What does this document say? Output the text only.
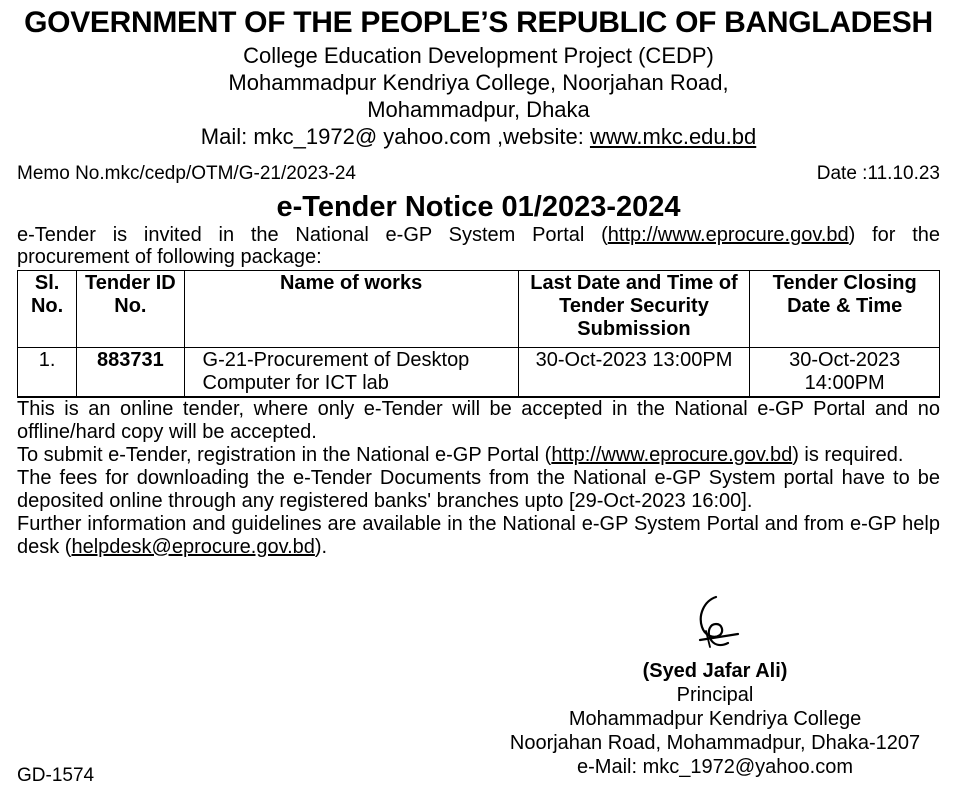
GOVERNMENT OF THE PEOPLE’S REPUBLIC OF BANGLADESH
College Education Development Project (CEDP)
Mohammadpur Kendriya College, Noorjahan Road,
Mohammadpur, Dhaka
Mail: mkc_1972@ yahoo.com ,website: www.mkc.edu.bd
Memo No.mkc/cedp/OTM/G-21/2023-24	Date :11.10.23
e-Tender Notice 01/2023-2024
e-Tender is invited in the National e-GP System Portal (http://www.eprocure.gov.bd) for the
procurement of following package:
Sl. No.	Tender ID No.	Name of works	Last Date and Time of Tender Security Submission	Tender Closing Date & Time
1.	883731	G-21-Procurement of Desktop Computer for ICT lab	30-Oct-2023 13:00PM	30-Oct-2023 14:00PM

This is an online tender, where only e-Tender will be accepted in the National e-GP Portal and no offline/hard copy will be accepted.

To submit e-Tender, registration in the National e-GP Portal (http://www.eprocure.gov.bd) is required.

The fees for downloading the e-Tender Documents from the National e-GP System portal have to be deposited online through any registered banks' branches upto [29-Oct-2023 16:00].

Further information and guidelines are available in the National e-GP System Portal and from e-GP help desk (helpdesk@eprocure.gov.bd).

(Syed Jafar Ali)
Principal
Mohammadpur Kendriya College
Noorjahan Road, Mohammadpur, Dhaka-1207
e-Mail: mkc_1972@yahoo.com
GD-1574
